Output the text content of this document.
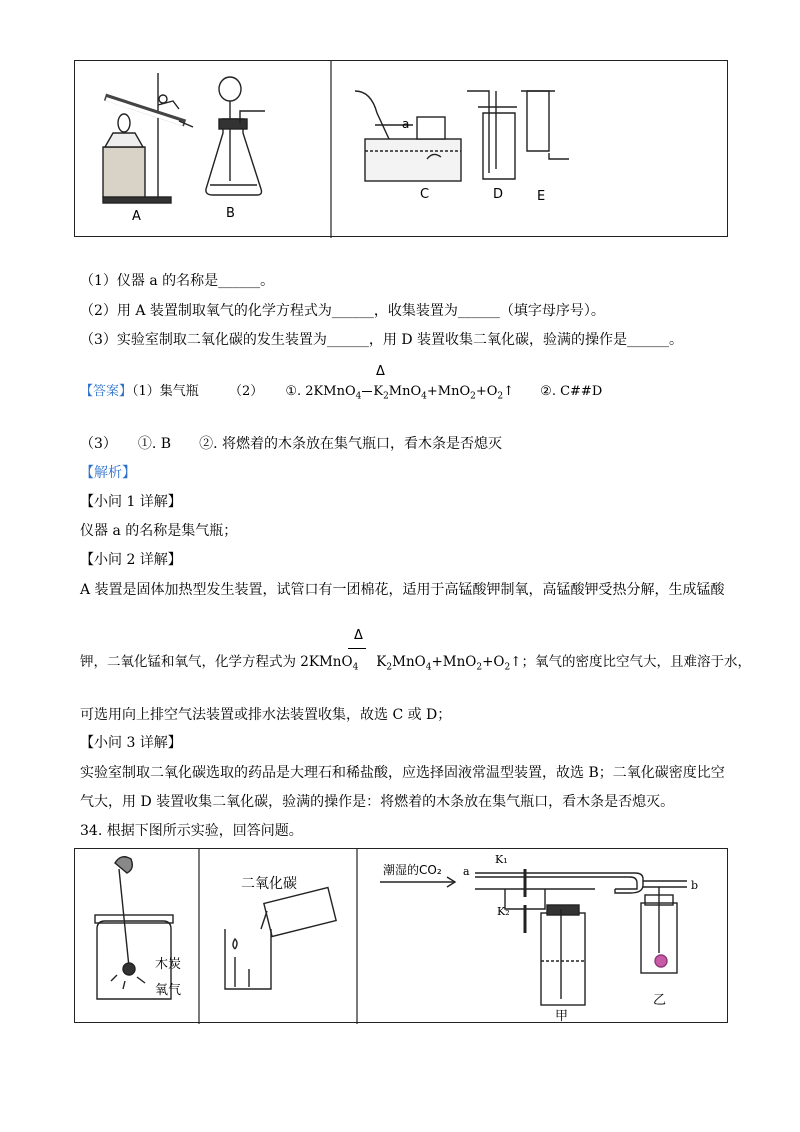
A	B
a
C	D	E
（1）仪器 a 的名称是______。
（2）用 A 装置制取氧气的化学方程式为______，收集装置为______（填字母序号）。
（3）实验室制取二氧化碳的发生装置为______，用 D 装置收集二氧化碳，验满的操作是______。
【答案】（1）集气瓶 （2） ①. 2KMnO$_4$ $K_2MnO_4+MnO_2+O_2↑$ ②. C##D
Δ
（3）　　①. B　　②. 将燃着的木条放在集气瓶口，看木条是否熄灭
【解析】
【小问 1 详解】
仪器 a 的名称是集气瓶；
【小问 2 详解】
A 装置是固体加热型发生装置，试管口有一团棉花，适用于高锰酸钾制氧，高锰酸钾受热分解，生成锰酸
钾，二氧化锰和氧气，化学方程式为 2KMnO$_4$ $K_2MnO_4+MnO_2+O_2↑$；氧气的密度比空气大，且难溶于水，
Δ
可选用向上排空气法装置或排水法装置收集，故选 C 或 D；
【小问 3 详解】
实验室制取二氧化碳选取的药品是大理石和稀盐酸，应选择固液常温型装置，故选 B；二氧化碳密度比空
气大，用 D 装置收集二氧化碳，验满的操作是：将燃着的木条放在集气瓶口，看木条是否熄灭。
34. 根据下图所示实验，回答问题。
木炭
氧气
二氧化碳
潮湿的CO₂ a
b
K₁
K₂
甲
乙
